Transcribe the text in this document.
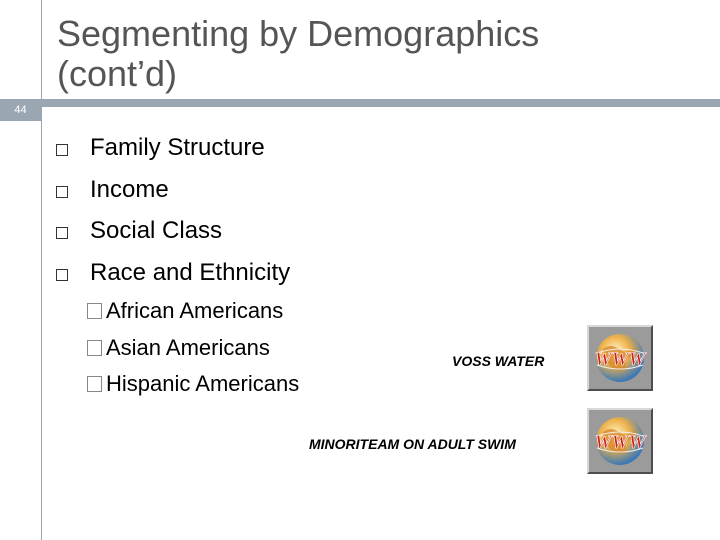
44
Segmenting by Demographics
(cont’d)
Family Structure
Income
Social Class
Race and Ethnicity
African Americans
Asian Americans
Hispanic Americans
VOSS WATER	WWW
MINORITEAM ON ADULT SWIM	WWW
